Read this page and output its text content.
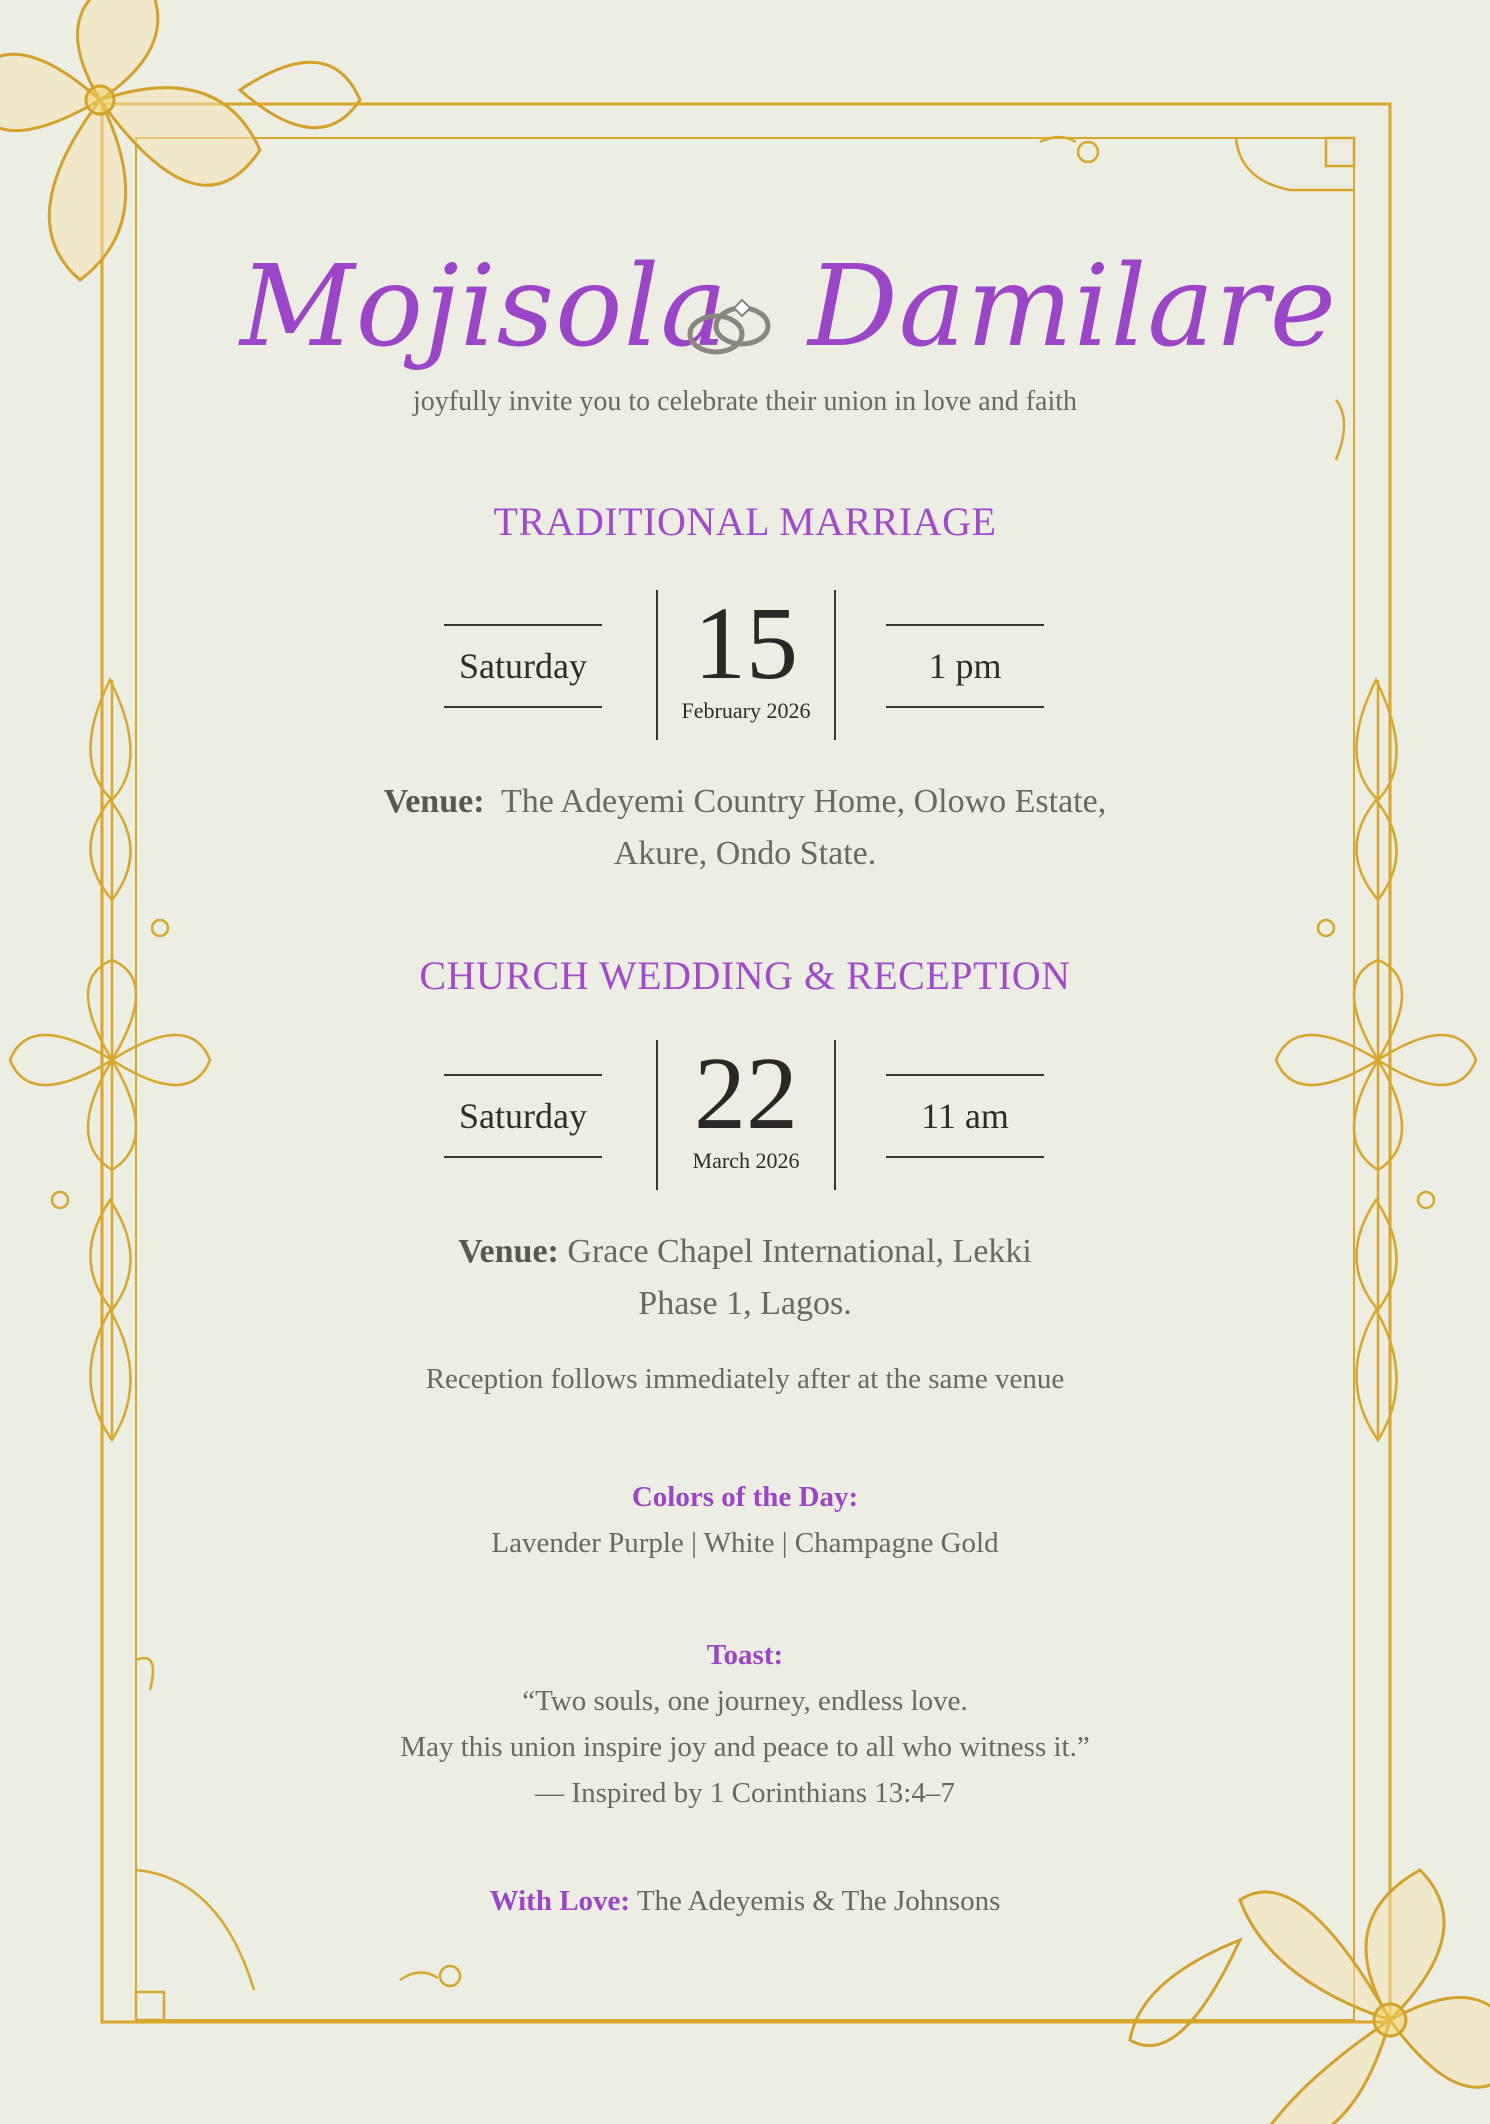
Mojisola Damilare
joyfully invite you to celebrate their union in love and faith
TRADITIONAL MARRIAGE
Saturday	15
February 2026
1 pm
Venue: The Adeyemi Country Home, Olowo Estate,
Akure, Ondo State.
CHURCH WEDDING & RECEPTION
Saturday	22
March 2026
11 am
Venue: Grace Chapel International, Lekki
Phase 1, Lagos.
Reception follows immediately after at the same venue
Colors of the Day:
Lavender Purple | White | Champagne Gold
Toast:
“Two souls, one journey, endless love.
May this union inspire joy and peace to all who witness it.”
— Inspired by 1 Corinthians 13:4–7
With Love: The Adeyemis & The Johnsons
